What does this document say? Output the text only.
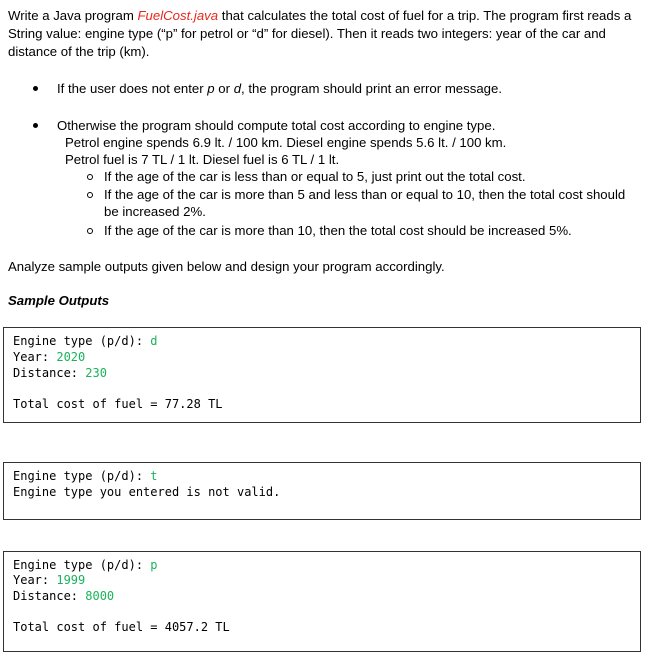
Write a Java program FuelCost.java that calculates the total cost of fuel for a trip. The program first reads a String value: engine type (“p” for petrol or “d” for diesel). Then it reads two integers: year of the car and distance of the trip (km).
If the user does not enter p or d, the program should print an error message.
Otherwise the program should compute total cost according to engine type.
Petrol engine spends 6.9 lt. / 100 km. Diesel engine spends 5.6 lt. / 100 km.
Petrol fuel is 7 TL / 1 lt. Diesel fuel is 6 TL / 1 lt.
If the age of the car is less than or equal to 5, just print out the total cost.
If the age of the car is more than 5 and less than or equal to 10, then the total cost should be increased 2%.
If the age of the car is more than 10, then the total cost should be increased 5%.
Analyze sample outputs given below and design your program accordingly.
Sample Outputs
Engine type (p/d): d
Year: 2020
Distance: 230
Total cost of fuel = 77.28 TL
Engine type (p/d): t
Engine type you entered is not valid.
Engine type (p/d): p
Year: 1999
Distance: 8000
Total cost of fuel = 4057.2 TL
